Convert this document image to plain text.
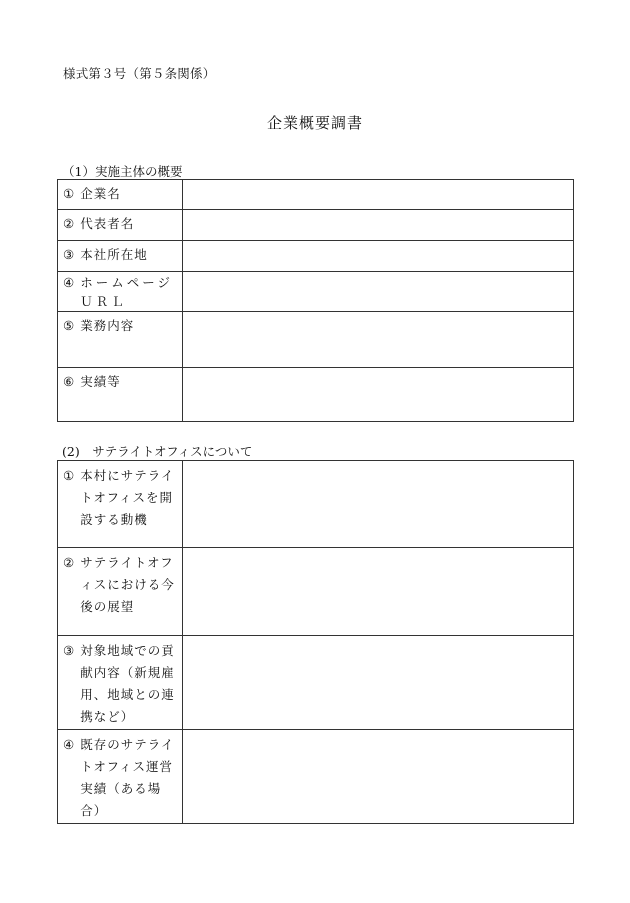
様式第３号（第５条関係）
企業概要調書
（1）実施主体の概要
① 企業名	

② 代表者名	

③ 本社所在地	

④ ホームページＵＲＬ	

⑤ 業務内容	

⑥ 実績等	

(2)　サテライトオフィスについて
① 本村にサテライトオフィスを開設する動機	

② サテライトオフィスにおける今後の展望	

③ 対象地域での貢献内容（新規雇用、地域との連携など）	

④ 既存のサテライトオフィス運営実績（ある場合）	
